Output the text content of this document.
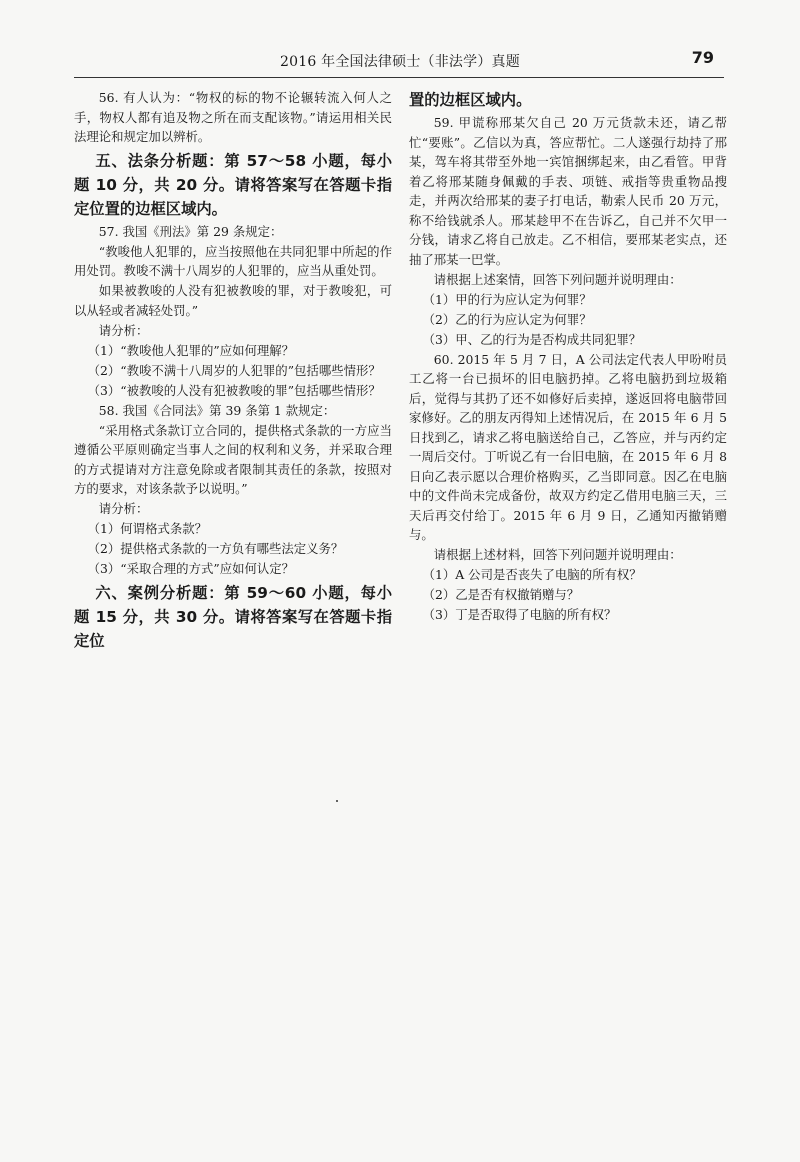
2016 年全国法律硕士（非法学）真题	79

56. 有人认为：“物权的标的物不论辗转流入何人之手，物权人都有追及物之所在而支配该物。”请运用相关民法理论和规定加以辨析。

五、法条分析题：第 57～58 小题，每小题 10 分，共 20 分。请将答案写在答题卡指定位置的边框区域内。

57. 我国《刑法》第 29 条规定：

“教唆他人犯罪的，应当按照他在共同犯罪中所起的作用处罚。教唆不满十八周岁的人犯罪的，应当从重处罚。

如果被教唆的人没有犯被教唆的罪，对于教唆犯，可以从轻或者减轻处罚。”

请分析：

（1）“教唆他人犯罪的”应如何理解？

（2）“教唆不满十八周岁的人犯罪的”包括哪些情形？

（3）“被教唆的人没有犯被教唆的罪”包括哪些情形？

58. 我国《合同法》第 39 条第 1 款规定：

“采用格式条款订立合同的，提供格式条款的一方应当遵循公平原则确定当事人之间的权利和义务，并采取合理的方式提请对方注意免除或者限制其责任的条款，按照对方的要求，对该条款予以说明。”

请分析：

（1）何谓格式条款？

（2）提供格式条款的一方负有哪些法定义务？

（3）“采取合理的方式”应如何认定？

六、案例分析题：第 59～60 小题，每小题 15 分，共 30 分。请将答案写在答题卡指定位

置的边框区域内。

59. 甲谎称邢某欠自己 20 万元货款未还，请乙帮忙“要账”。乙信以为真，答应帮忙。二人遂强行劫持了邢某，驾车将其带至外地一宾馆捆绑起来，由乙看管。甲背着乙将邢某随身佩戴的手表、项链、戒指等贵重物品搜走，并两次给邢某的妻子打电话，勒索人民币 20 万元，称不给钱就杀人。邢某趁甲不在告诉乙，自己并不欠甲一分钱，请求乙将自己放走。乙不相信，要邢某老实点，还抽了邢某一巴掌。

请根据上述案情，回答下列问题并说明理由：

（1）甲的行为应认定为何罪？

（2）乙的行为应认定为何罪？

（3）甲、乙的行为是否构成共同犯罪？

60. 2015 年 5 月 7 日，A 公司法定代表人甲吩咐员工乙将一台已损坏的旧电脑扔掉。乙将电脑扔到垃圾箱后，觉得与其扔了还不如修好后卖掉，遂返回将电脑带回家修好。乙的朋友丙得知上述情况后，在 2015 年 6 月 5 日找到乙，请求乙将电脑送给自己，乙答应，并与丙约定一周后交付。丁听说乙有一台旧电脑，在 2015 年 6 月 8 日向乙表示愿以合理价格购买，乙当即同意。因乙在电脑中的文件尚未完成备份，故双方约定乙借用电脑三天，三天后再交付给丁。2015 年 6 月 9 日，乙通知丙撤销赠与。

请根据上述材料，回答下列问题并说明理由：

（1）A 公司是否丧失了电脑的所有权？

（2）乙是否有权撤销赠与？

（3）丁是否取得了电脑的所有权？
